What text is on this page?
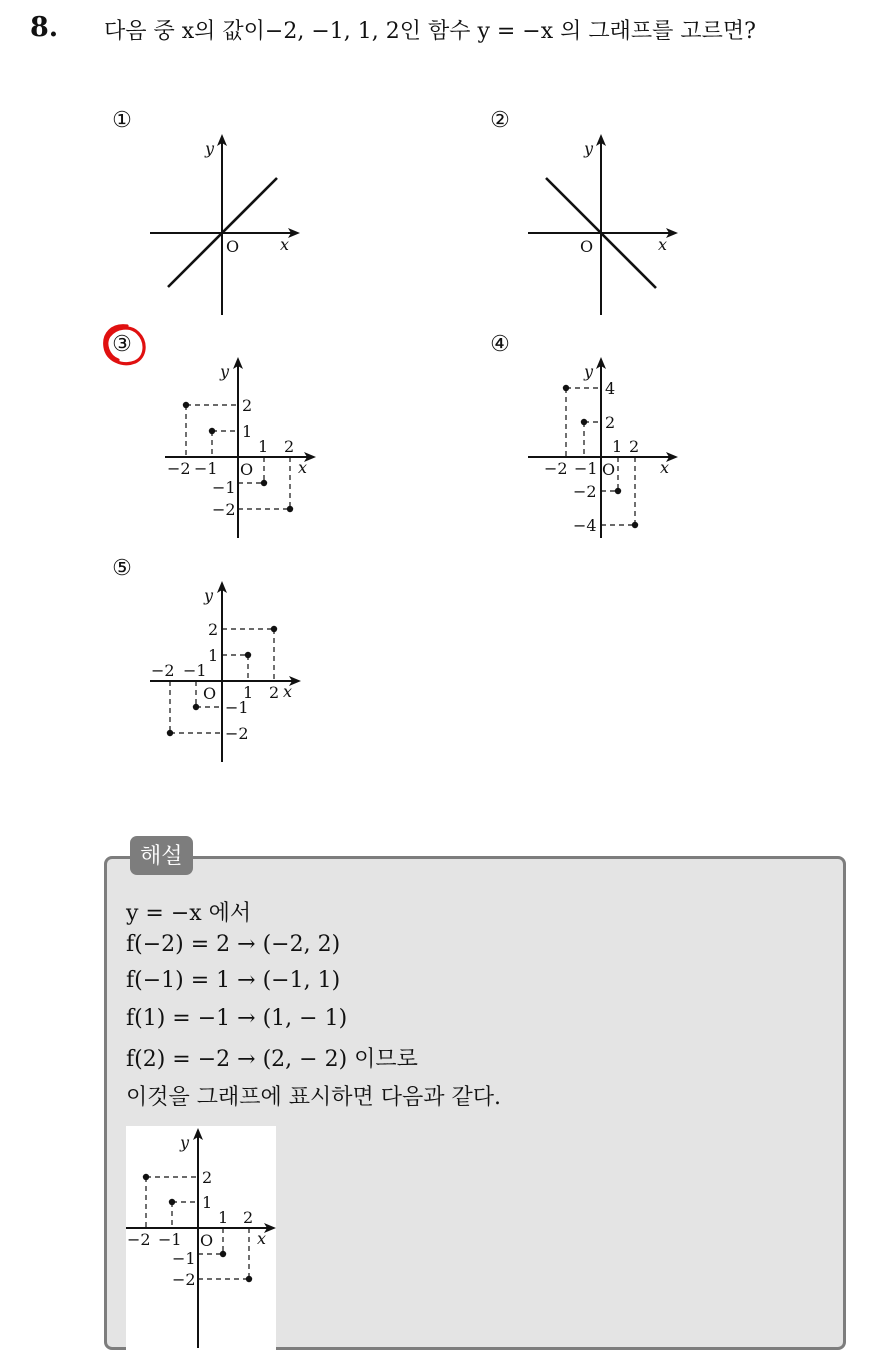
8. 다음 중 x의 값이−2, −1, 1, 2인 함수 y = −x 의 그래프를 고르면?
①	②
③	④
⑤
y
O	x
y
O	x
y
O	x
−2 −1
1 2
2
1
−1
−2
y
O	x
−2 −1
1 2
4
2
−2
−4
y
O	x
−2 −1
1 2
2
1
−1
−2
해설
y = −x 에서
f(−2) = 2 → (−2, 2)
f(−1) = 1 → (−1, 1)
f(1) = −1 → (1, − 1)
f(2) = −2 → (2, − 2) 이므로
이것을 그래프에 표시하면 다음과 같다.
y
O	x
−2 −1
1 2
2
1
−1
−2
